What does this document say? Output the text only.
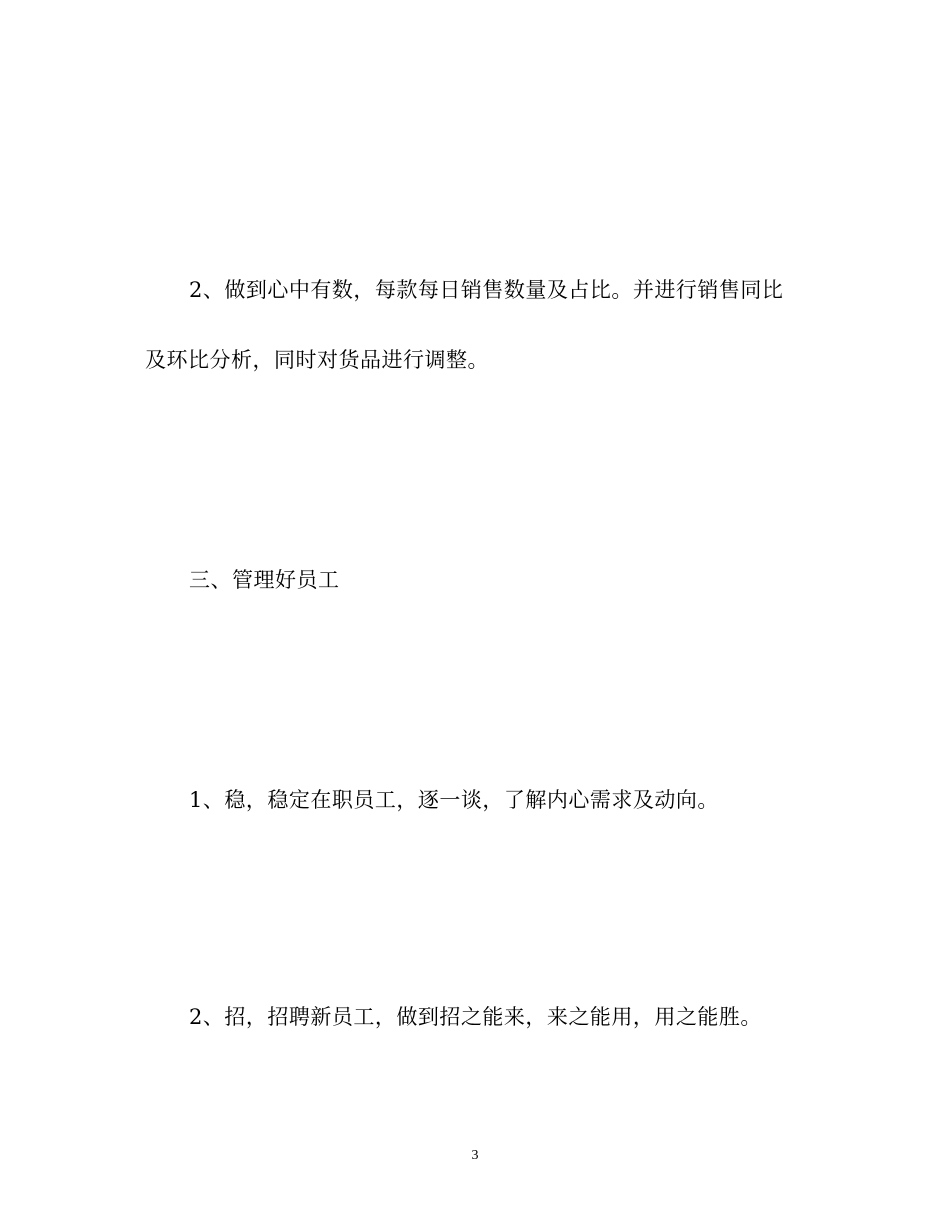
2、做到心中有数，每款每日销售数量及占比。并进行销售同比
及环比分析，同时对货品进行调整。
三、管理好员工
1、稳，稳定在职员工，逐一谈，了解内心需求及动向。
2、招，招聘新员工，做到招之能来，来之能用，用之能胜。
3
